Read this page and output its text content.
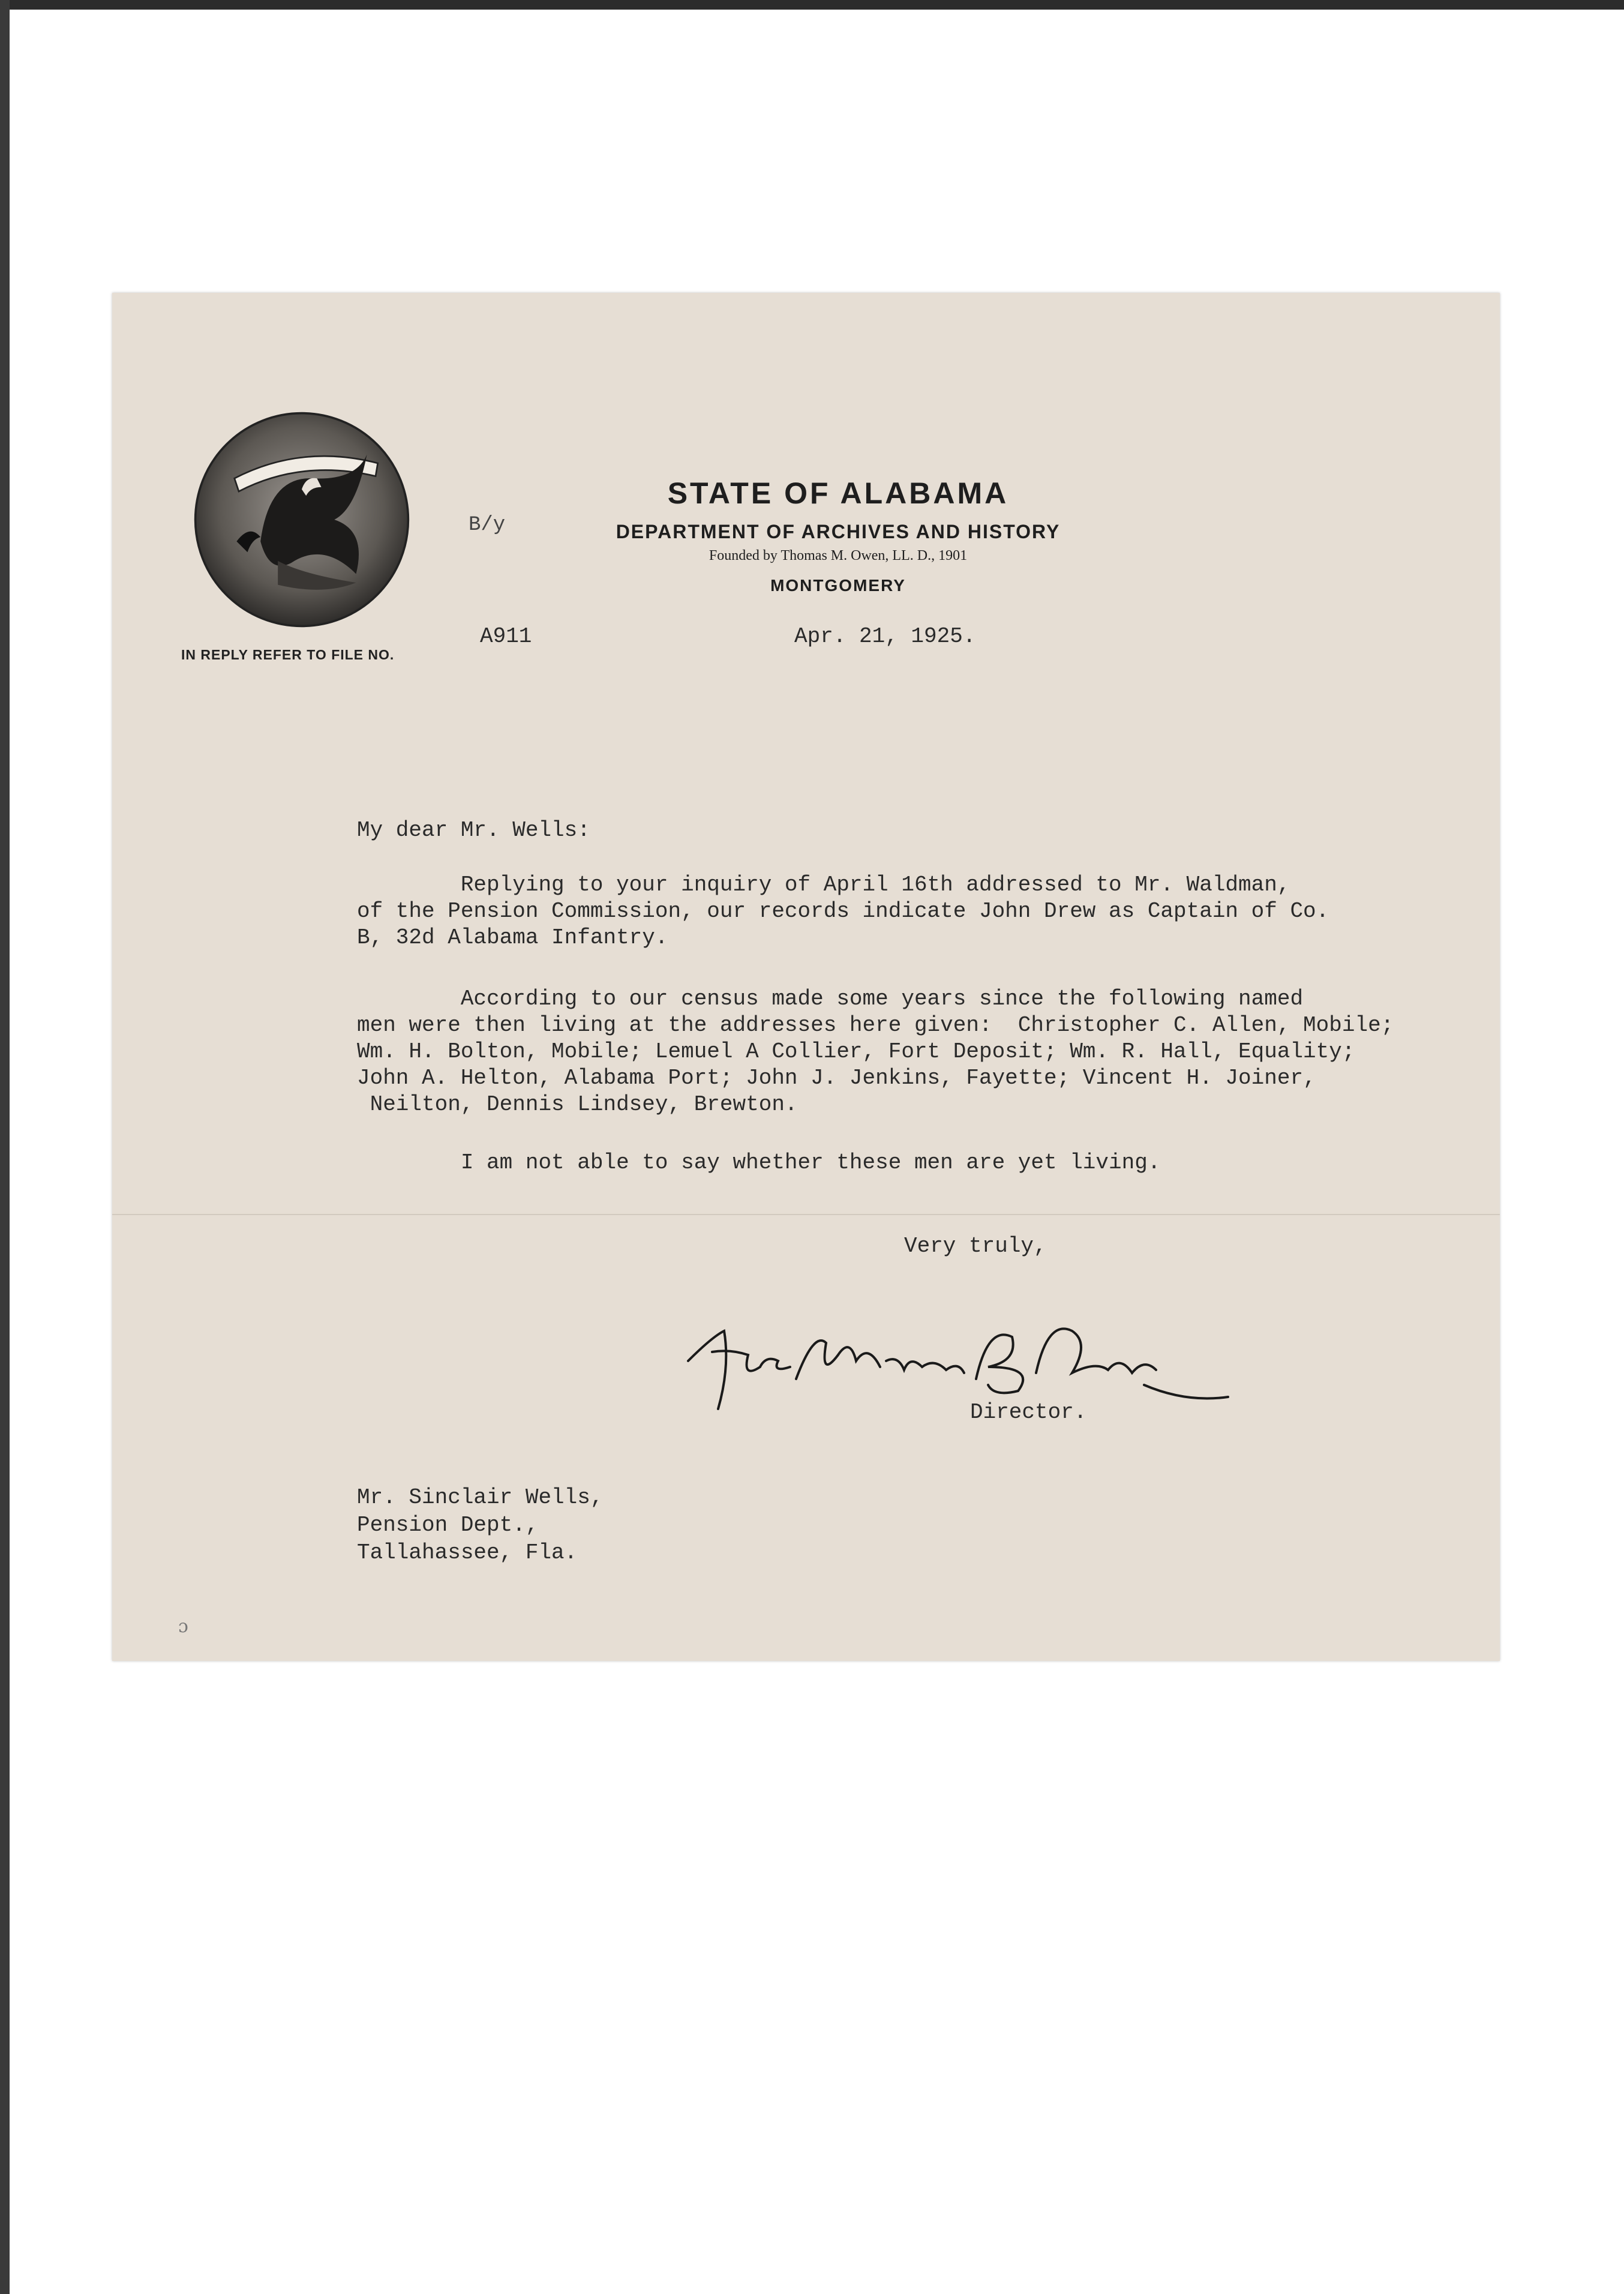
IN REPLY REFER TO FILE NO.
B/y
STATE OF ALABAMA
DEPARTMENT OF ARCHIVES AND HISTORY
Founded by Thomas M. Owen, LL. D., 1901
MONTGOMERY
A911	Apr. 21, 1925.
My dear Mr. Wells:
Replying to your inquiry of April 16th addressed to Mr. Waldman,
of the Pension Commission, our records indicate John Drew as Captain of Co.
B, 32d Alabama Infantry.
According to our census made some years since the following named
men were then living at the addresses here given:  Christopher C. Allen, Mobile;
Wm. H. Bolton, Mobile; Lemuel A Collier, Fort Deposit; Wm. R. Hall, Equality;
John A. Helton, Alabama Port; John J. Jenkins, Fayette; Vincent H. Joiner,
Neilton, Dennis Lindsey, Brewton.
I am not able to say whether these men are yet living.
Very truly,
Director.
Mr. Sinclair Wells,
Pension Dept.,
Tallahassee, Fla.
ɔ
